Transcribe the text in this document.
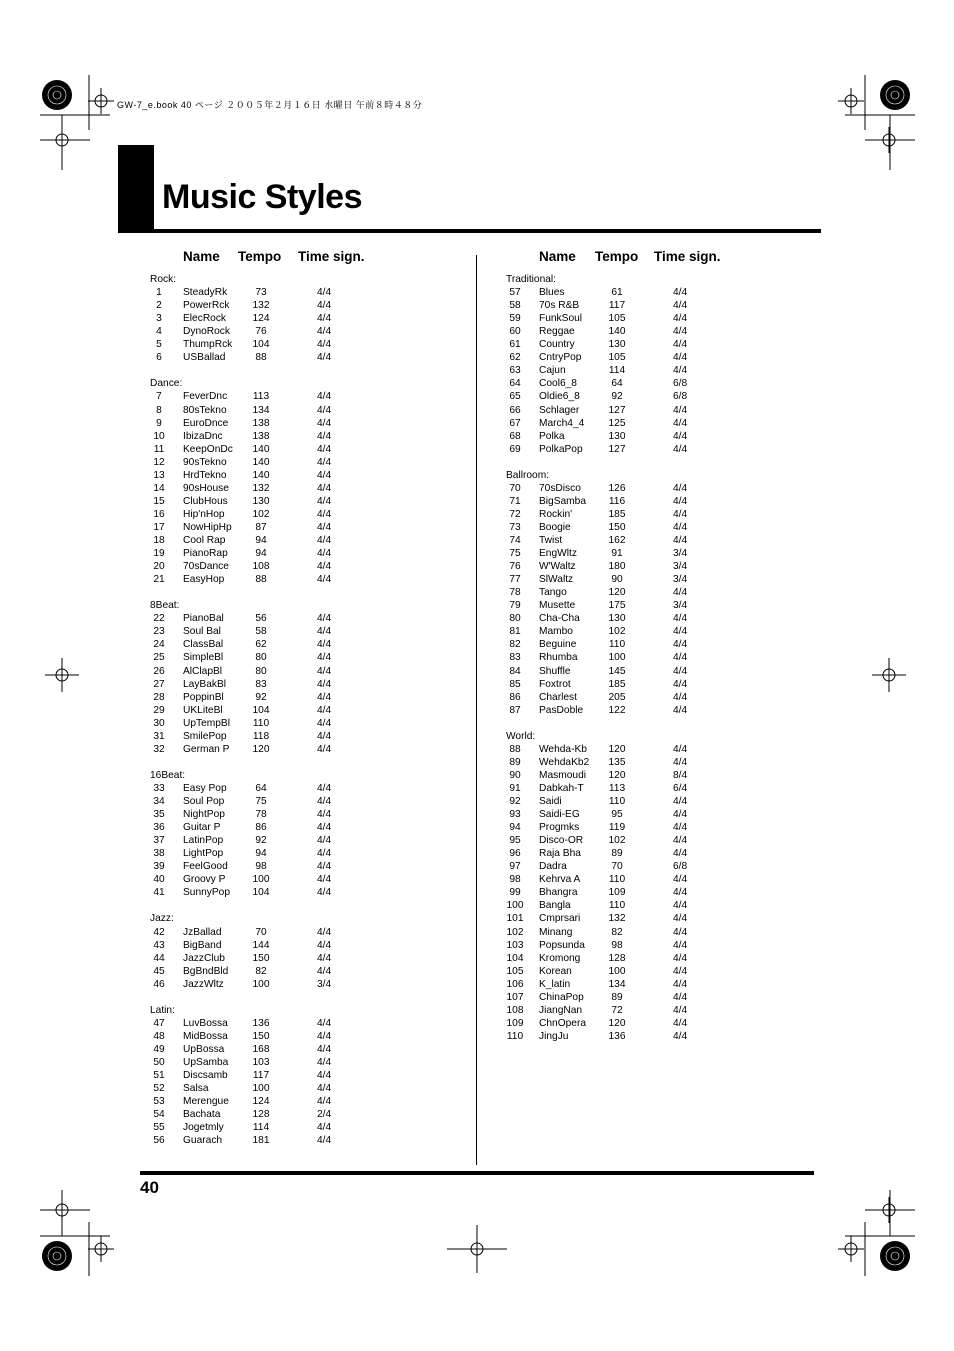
GW-7_e.book 40 ページ ２００５年２月１６日 水曜日 午前８時４８分
Music Styles
Name Tempo Time sign.	Name Tempo Time sign.
Rock:
1	SteadyRk	73	4/4
2	PowerRck	132	4/4
3	ElecRock	124	4/4
4	DynoRock	76	4/4
5	ThumpRck	104	4/4
6	USBallad	88	4/4
Dance:
7	FeverDnc	113	4/4
8	80sTekno	134	4/4
9	EuroDnce	138	4/4
10	IbizaDnc	138	4/4
11	KeepOnDc	140	4/4
12	90sTekno	140	4/4
13	HrdTekno	140	4/4
14	90sHouse	132	4/4
15	ClubHous	130	4/4
16	Hip'nHop	102	4/4
17	NowHipHp	87	4/4
18	Cool Rap	94	4/4
19	PianoRap	94	4/4
20	70sDance	108	4/4
21	EasyHop	88	4/4
8Beat:
22	PianoBal	56	4/4
23	Soul Bal	58	4/4
24	ClassBal	62	4/4
25	SimpleBl	80	4/4
26	AlClapBl	80	4/4
27	LayBakBl	83	4/4
28	PoppinBl	92	4/4
29	UKLiteBl	104	4/4
30	UpTempBl	110	4/4
31	SmilePop	118	4/4
32	German P	120	4/4
16Beat:
33	Easy Pop	64	4/4
34	Soul Pop	75	4/4
35	NightPop	78	4/4
36	Guitar P	86	4/4
37	LatinPop	92	4/4
38	LightPop	94	4/4
39	FeelGood	98	4/4
40	Groovy P	100	4/4
41	SunnyPop	104	4/4
Jazz:
42	JzBallad	70	4/4
43	BigBand	144	4/4
44	JazzClub	150	4/4
45	BgBndBld	82	4/4
46	JazzWltz	100	3/4
Latin:
47	LuvBossa	136	4/4
48	MidBossa	150	4/4
49	UpBossa	168	4/4
50	UpSamba	103	4/4
51	Discsamb	117	4/4
52	Salsa	100	4/4
53	Merengue	124	4/4
54	Bachata	128	2/4
55	Jogetmly	114	4/4
56	Guarach	181	4/4
Traditional:
57	Blues	61	4/4
58	70s R&B	117	4/4
59	FunkSoul	105	4/4
60	Reggae	140	4/4
61	Country	130	4/4
62	CntryPop	105	4/4
63	Cajun	114	4/4
64	Cool6_8	64	6/8
65	Oldie6_8	92	6/8
66	Schlager	127	4/4
67	March4_4	125	4/4
68	Polka	130	4/4
69	PolkaPop	127	4/4
Ballroom:
70	70sDisco	126	4/4
71	BigSamba	116	4/4
72	Rockin'	185	4/4
73	Boogie	150	4/4
74	Twist	162	4/4
75	EngWltz	91	3/4
76	W'Waltz	180	3/4
77	SlWaltz	90	3/4
78	Tango	120	4/4
79	Musette	175	3/4
80	Cha-Cha	130	4/4
81	Mambo	102	4/4
82	Beguine	110	4/4
83	Rhumba	100	4/4
84	Shuffle	145	4/4
85	Foxtrot	185	4/4
86	Charlest	205	4/4
87	PasDoble	122	4/4
World:
88	Wehda-Kb	120	4/4
89	WehdaKb2	135	4/4
90	Masmoudi	120	8/4
91	Dabkah-T	113	6/4
92	Saidi	110	4/4
93	Saidi-EG	95	4/4
94	Progmks	119	4/4
95	Disco-OR	102	4/4
96	Raja Bha	89	4/4
97	Dadra	70	6/8
98	Kehrva A	110	4/4
99	Bhangra	109	4/4
100 Bangla	110	4/4
101 Cmprsari	132	4/4
102 Minang	82	4/4
103 Popsunda	98	4/4
104 Kromong	128	4/4
105 Korean	100	4/4
106 K_latin	134	4/4
107 ChinaPop	89	4/4
108 JiangNan	72	4/4
109 ChnOpera	120	4/4
110 JingJu	136	4/4
40
